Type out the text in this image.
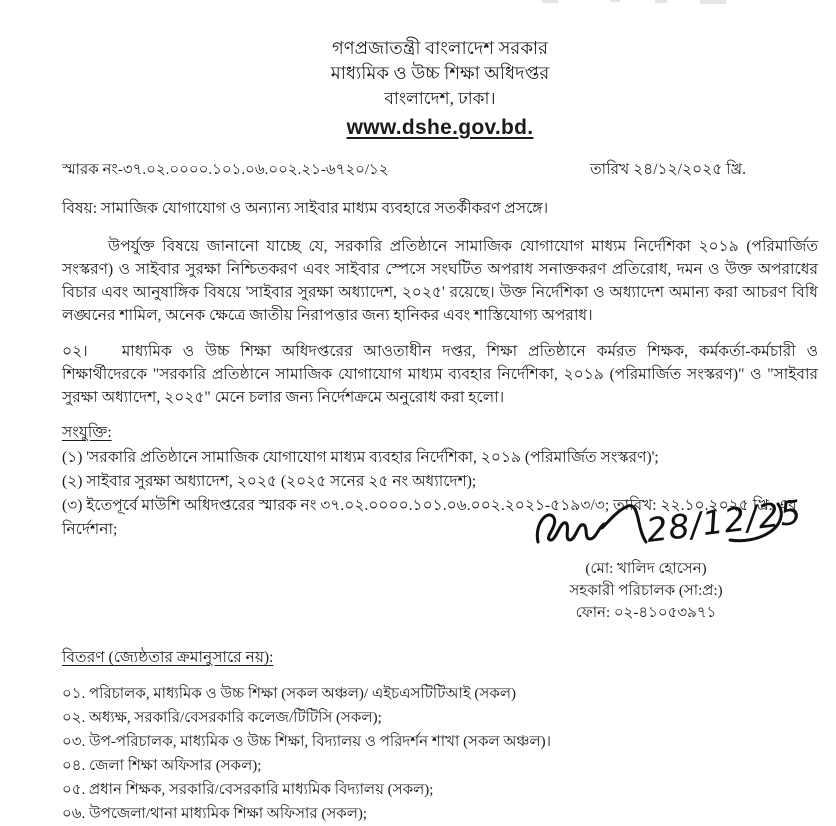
গণপ্রজাতন্ত্রী বাংলাদেশ সরকার
মাধ্যমিক ও উচ্চ শিক্ষা অধিদপ্তর
বাংলাদেশ, ঢাকা।
www.dshe.gov.bd.
স্মারক নং-৩৭.০২.০০০০.১০১.০৬.০০২.২১-৬৭২০/১২	তারিখ ২৪/১২/২০২৫ খ্রি.
বিষয়: সামাজিক যোগাযোগ ও অন্যান্য সাইবার মাধ্যম ব্যবহারে সতর্কীকরণ প্রসঙ্গে।

উপর্যুক্ত বিষয়ে জানানো যাচ্ছে যে, সরকারি প্রতিষ্ঠানে সামাজিক যোগাযোগ মাধ্যম নির্দেশিকা ২০১৯ (পরিমার্জিত সংস্করণ) ও সাইবার সুরক্ষা নিশ্চিতকরণ এবং সাইবার স্পেসে সংঘটিত অপরাধ সনাক্তকরণ প্রতিরোধ, দমন ও উক্ত অপরাধের বিচার এবং আনুষাঙ্গিক বিষয়ে 'সাইবার সুরক্ষা অধ্যাদেশ, ২০২৫' রয়েছে। উক্ত নির্দেশিকা ও অধ্যাদেশ অমান্য করা আচরণ বিধি লঙ্ঘনের শামিল, অনেক ক্ষেত্রে জাতীয় নিরাপত্তার জন্য হানিকর এবং শাস্তিযোগ্য অপরাধ।

০২। মাধ্যমিক ও উচ্চ শিক্ষা অধিদপ্তরের আওতাধীন দপ্তর, শিক্ষা প্রতিষ্ঠানে কর্মরত শিক্ষক, কর্মকর্তা-কর্মচারী ও শিক্ষার্থীদেরকে "সরকারি প্রতিষ্ঠানে সামাজিক যোগাযোগ মাধ্যম ব্যবহার নির্দেশিকা, ২০১৯ (পরিমার্জিত সংস্করণ)" ও "সাইবার সুরক্ষা অধ্যাদেশ, ২০২৫" মেনে চলার জন্য নির্দেশক্রমে অনুরোধ করা হলো।

সংযুক্তি:
(১) 'সরকারি প্রতিষ্ঠানে সামাজিক যোগাযোগ মাধ্যম ব্যবহার নির্দেশিকা, ২০১৯ (পরিমার্জিত সংস্করণ)';
(২) সাইবার সুরক্ষা অধ্যাদেশ, ২০২৫ (২০২৫ সনের ২৫ নং অধ্যাদেশ);
(৩) ইতেপূর্বে মাউশি অধিদপ্তরের স্মারক নং ৩৭.০২.০০০০.১০১.০৬.০০২.২০২১-৫১৯৩/৩; তারিখ: ২২.১০.২০২৫ খ্রি. এর নির্দেশনা;
বিতরণ (জ্যেষ্ঠতার ক্রমানুসারে নয়):
০১. পরিচালক, মাধ্যমিক ও উচ্চ শিক্ষা (সকল অঞ্চল)/ এইচএসটিটিআই (সকল)
০২. অধ্যক্ষ, সরকারি/বেসরকারি কলেজ/টিটিসি (সকল);
০৩. উপ-পরিচালক, মাধ্যমিক ও উচ্চ শিক্ষা, বিদ্যালয় ও পরিদর্শন শাখা (সকল অঞ্চল)।
০৪. জেলা শিক্ষা অফিসার (সকল);
০৫. প্রধান শিক্ষক, সরকারি/বেসরকারি মাধ্যমিক বিদ্যালয় (সকল);
০৬. উপজেলা/থানা মাধ্যমিক শিক্ষা অফিসার (সকল);
28/12/25
(মো: খালিদ হোসেন)
সহকারী পরিচালক (সা:প্র:)
ফোন: ০২-৪১০৫৩৯৭১
